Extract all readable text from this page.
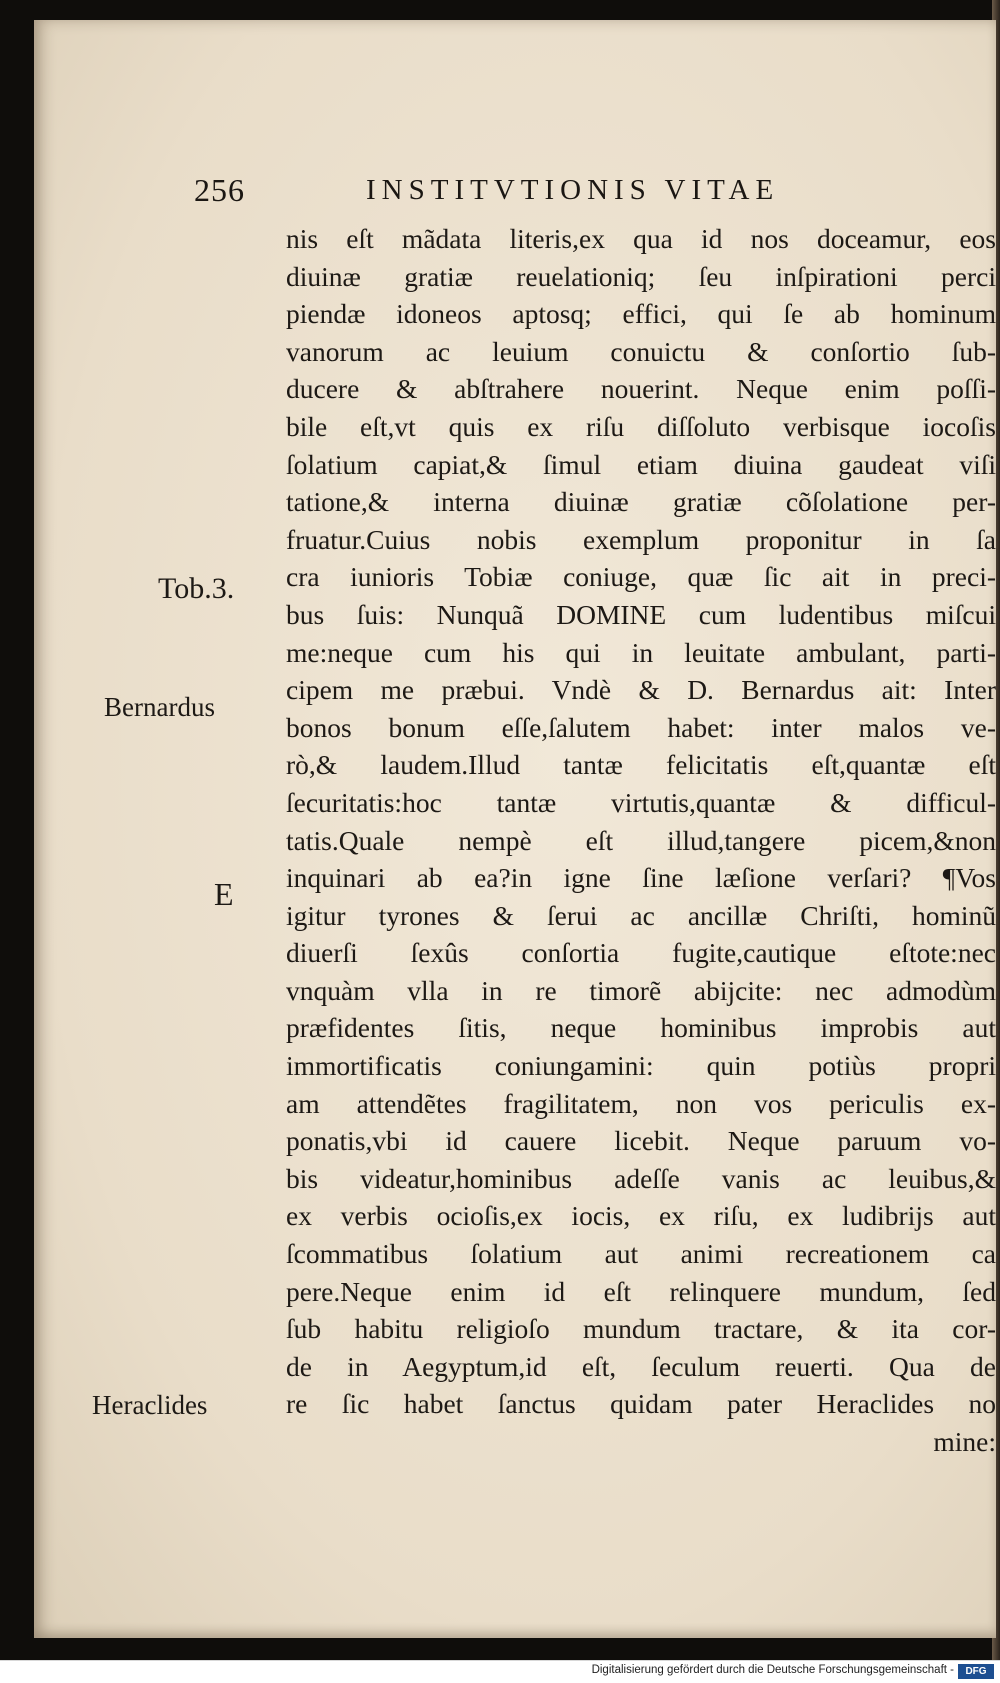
256	INSTITVTIONIS VITAE
nis eſt mãdata literis,ex qua id nos doceamur, eos
diuinæ gratiæ reuelationiq; ſeu inſpirationi perci
piendæ idoneos aptosq; effici, qui ſe ab hominum
vanorum ac leuium conuictu & conſortio ſub-
ducere & abſtrahere nouerint. Neque enim poſſi-
bile eſt,vt quis ex riſu diſſoluto verbisque iocoſis
ſolatium capiat,& ſimul etiam diuina gaudeat viſi
tatione,& interna diuinæ gratiæ cõſolatione per-
fruatur.Cuius nobis exemplum proponitur in ſa
cra iunioris Tobiæ coniuge, quæ ſic ait in preci-
bus ſuis: Nunquã DOMINE cum ludentibus miſcui
me:neque cum his qui in leuitate ambulant, parti-
cipem me præbui. Vndè & D. Bernardus ait: Inter
bonos bonum eſſe,ſalutem habet: inter malos ve-
rò,& laudem.Illud tantæ felicitatis eſt,quantæ eſt
ſecuritatis:hoc tantæ virtutis,quantæ & difficul-
tatis.Quale nempè eſt illud,tangere picem,&non
inquinari ab ea?in igne ſine læſione verſari? ¶Vos
igitur tyrones & ſerui ac ancillæ Chriſti, hominũ
diuerſi ſexûs conſortia fugite,cautique eſtote:nec
vnquàm vlla in re timorẽ abijcite: nec admodùm
præfidentes ſitis, neque hominibus improbis aut
immortificatis coniungamini: quin potiùs propri
am attendẽtes fragilitatem, non vos periculis ex-
ponatis,vbi id cauere licebit. Neque paruum vo-
bis videatur,hominibus adeſſe vanis ac leuibus,&
ex verbis ocioſis,ex iocis, ex riſu, ex ludibrijs aut
ſcommatibus ſolatium aut animi recreationem ca
pere.Neque enim id eſt relinquere mundum, ſed
ſub habitu religioſo mundum tractare, & ita cor-
de in Aegyptum,id eſt, ſeculum reuerti. Qua de
re ſic habet ſanctus quidam pater Heraclides no
mine:
Tob.3.
Bernardus
E
Heraclides
Digitalisierung gefördert durch die Deutsche Forschungsgemeinschaft -	DFG
